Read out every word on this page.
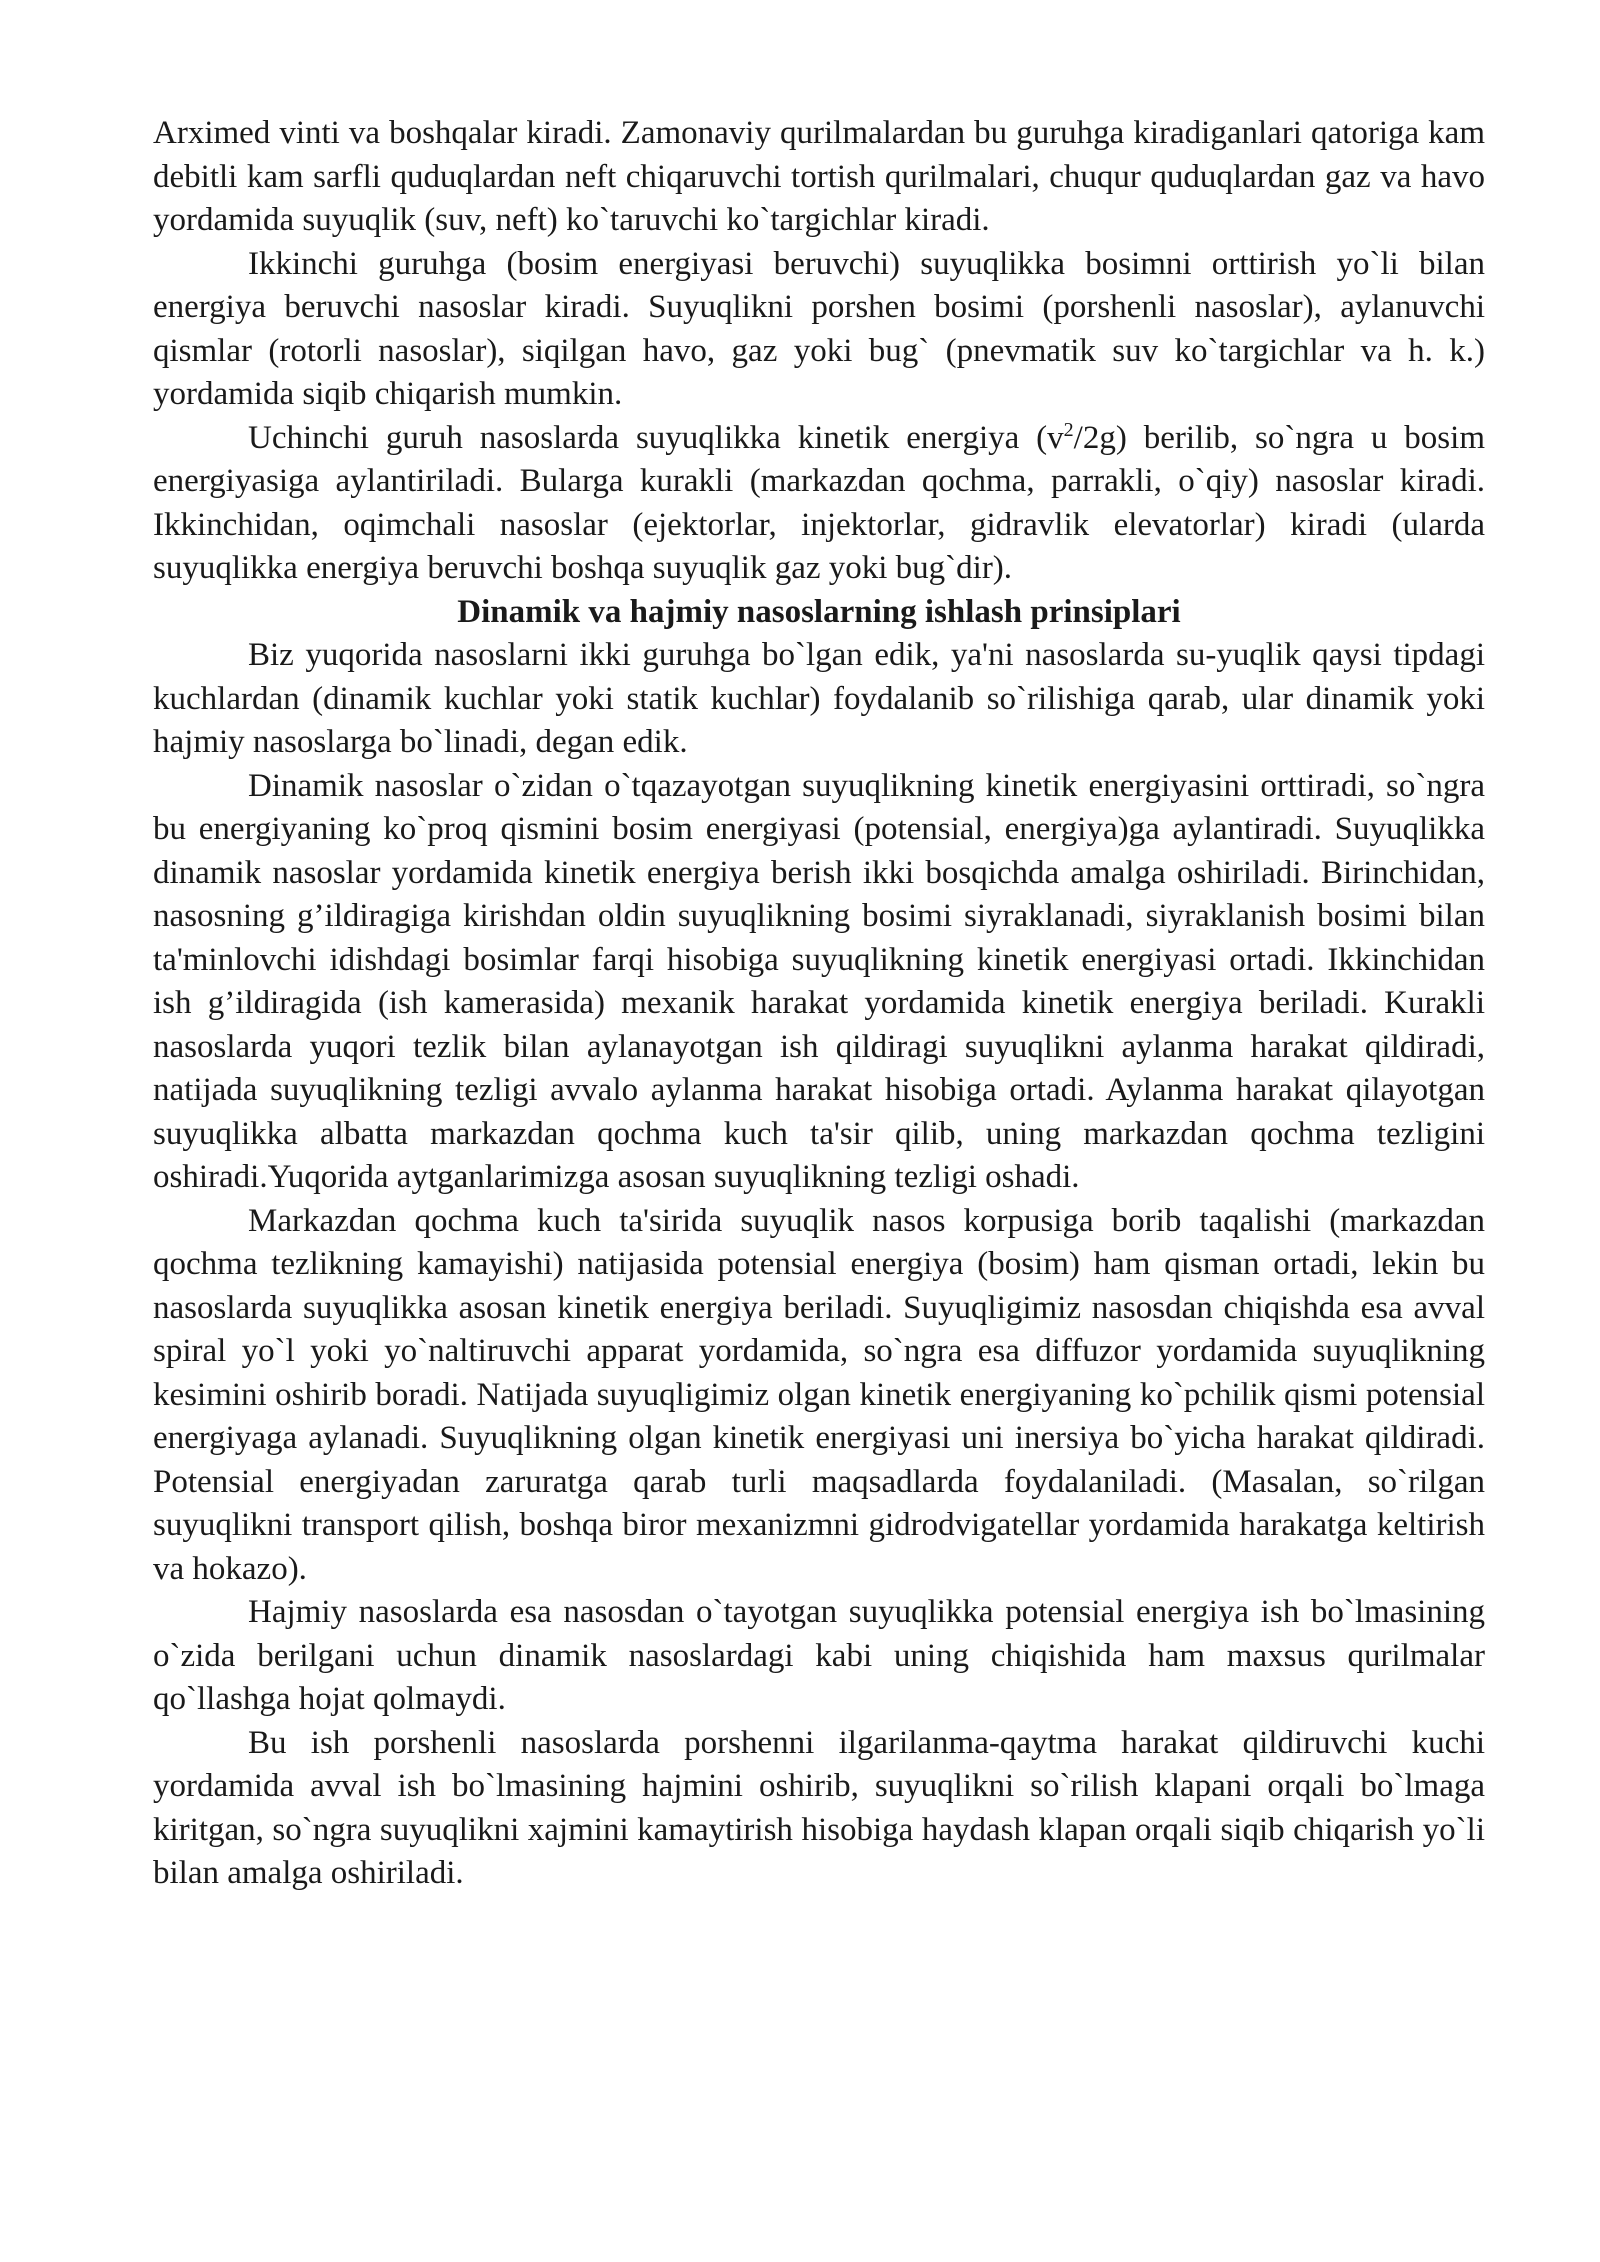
Arximed vinti va boshqalar kiradi. Zamonaviy qurilmalardan bu guruhga kiradiganlari qatoriga kam debitli kam sarfli quduqlardan neft chiqaruvchi tortish qurilmalari, chuqur quduqlardan gaz va havo yordamida suyuqlik (suv, neft) ko`taruvchi ko`targichlar kiradi.

Ikkinchi guruhga (bosim energiyasi beruvchi) suyuqlikka bosimni orttirish yo`li bilan energiya beruvchi nasoslar kiradi. Suyuqlikni porshen bosimi (porshenli nasoslar), aylanuvchi qismlar (rotorli nasoslar), siqilgan havo, gaz yoki bug` (pnevmatik suv ko`targichlar va h. k.) yordamida siqib chiqarish mumkin.

Uchinchi guruh nasoslarda suyuqlikka kinetik energiya $(v^2/2g)$ berilib, so`ngra u bosim energiyasiga aylantiriladi. Bularga kurakli (markazdan qochma, parrakli, o`qiy) nasoslar kiradi. Ikkinchidan, oqimchali nasoslar (ejektorlar, injektorlar, gidravlik elevatorlar) kiradi (ularda suyuqlikka energiya beruvchi boshqa suyuqlik gaz yoki bug`dir).

Dinamik va hajmiy nasoslarning ishlash prinsiplari

Biz yuqorida nasoslarni ikki guruhga bo`lgan edik, ya'ni nasoslarda su-yuqlik qaysi tipdagi kuchlardan (dinamik kuchlar yoki statik kuchlar) foydalanib so`rilishiga qarab, ular dinamik yoki hajmiy nasoslarga bo`linadi, degan edik.

Dinamik nasoslar o`zidan o`tqazayotgan suyuqlikning kinetik energiyasini orttiradi, so`ngra bu energiyaning ko`proq qismini bosim energiyasi (potensial, energiya)ga aylantiradi. Suyuqlikka dinamik nasoslar yordamida kinetik energiya berish ikki bosqichda amalga oshiriladi. Birinchidan, nasosning g’ildiragiga kirishdan oldin suyuqlikning bosimi siyraklanadi, siyraklanish bosimi bilan ta'minlovchi idishdagi bosimlar farqi hisobiga suyuqlikning kinetik energiyasi ortadi. Ikkinchidan ish g’ildiragida (ish kamerasida) mexanik harakat yordamida kinetik energiya beriladi. Kurakli nasoslarda yuqori tezlik bilan aylanayotgan ish qildiragi suyuqlikni aylanma harakat qildiradi, natijada suyuqlikning tezligi avvalo aylanma harakat hisobiga ortadi. Aylanma harakat qilayotgan suyuqlikka albatta markazdan qochma kuch ta'sir qilib, uning markazdan qochma tezligini oshiradi.Yuqorida aytganlarimizga asosan suyuqlikning tezligi oshadi.

Markazdan qochma kuch ta'sirida suyuqlik nasos korpusiga borib taqalishi (markazdan qochma tezlikning kamayishi) natijasida potensial energiya (bosim) ham qisman ortadi, lekin bu nasoslarda suyuqlikka asosan kinetik energiya beriladi. Suyuqligimiz nasosdan chiqishda esa avval spiral yo`l yoki yo`naltiruvchi apparat yordamida, so`ngra esa diffuzor yordamida suyuqlikning kesimini oshirib boradi. Natijada suyuqligimiz olgan kinetik energiyaning ko`pchilik qismi potensial energiyaga aylanadi. Suyuqlikning olgan kinetik energiyasi uni inersiya bo`yicha harakat qildiradi. Potensial energiyadan zaruratga qarab turli maqsadlarda foydalaniladi. (Masalan, so`rilgan suyuqlikni transport qilish, boshqa biror mexanizmni gidrodvigatellar yordamida harakatga keltirish va hokazo).

Hajmiy nasoslarda esa nasosdan o`tayotgan suyuqlikka potensial energiya ish bo`lmasining o`zida berilgani uchun dinamik nasoslardagi kabi uning chiqishida ham maxsus qurilmalar qo`llashga hojat qolmaydi.

Bu ish porshenli nasoslarda porshenni ilgarilanma-qaytma harakat qildiruvchi kuchi yordamida avval ish bo`lmasining hajmini oshirib, suyuqlikni so`rilish klapani orqali bo`lmaga kiritgan, so`ngra suyuqlikni xajmini kamaytirish hisobiga haydash klapan orqali siqib chiqarish yo`li bilan amalga oshiriladi.
